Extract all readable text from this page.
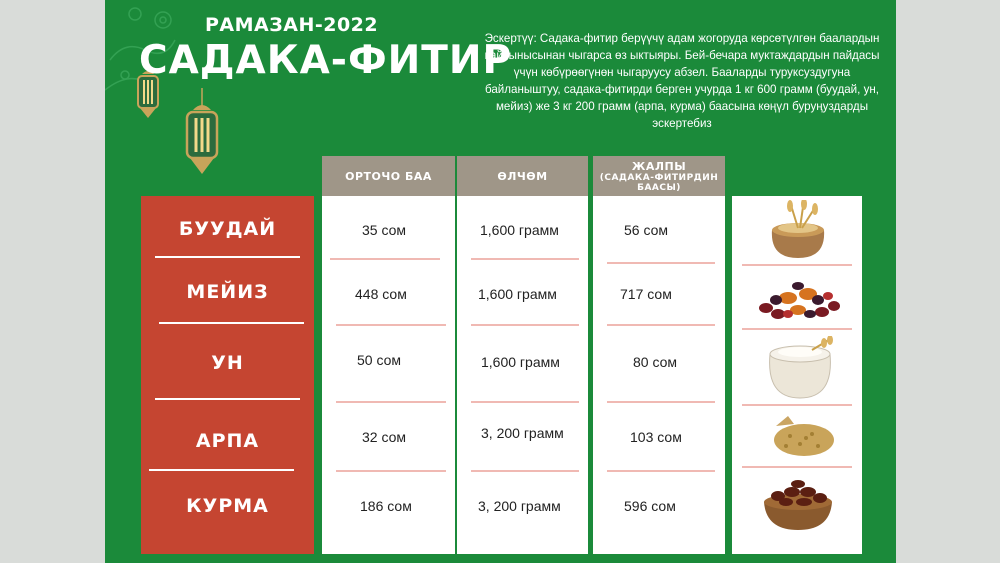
РАМАЗАН-2022
САДАКА-ФИТИР
Эскертүү: Садака-фитир берүүчү адам жогоруда көрсөтүлгөн баалардын кайсынысынан чыгарса өз ыктыяры. Бей-бечара муктаждардын пайдасы үчүн көбүрөөгүнөн чыгаруусу абзел. Бааларды туруксуздугуна байланыштуу, садака-фитирди берген учурда 1 кг 600 грамм (буудай, ун, мейиз) же 3 кг 200 грамм (арпа, курма) баасына көңүл буруңуздарды эскертебиз
ОРТОЧО БАА	ӨЛЧӨМ
ЖАЛПЫ
(САДАКА-ФИТИРДИН БААСЫ)
БУУДАЙ
МЕЙИЗ
УН
АРПА
КУРМА
35 сом
448 сом
50 сом
32 сом
186 сом
1,600 грамм
1,600 грамм
1,600 грамм
3, 200 грамм
3, 200 грамм
56 сом
717 сом
80 сом
103 сом
596 сом
